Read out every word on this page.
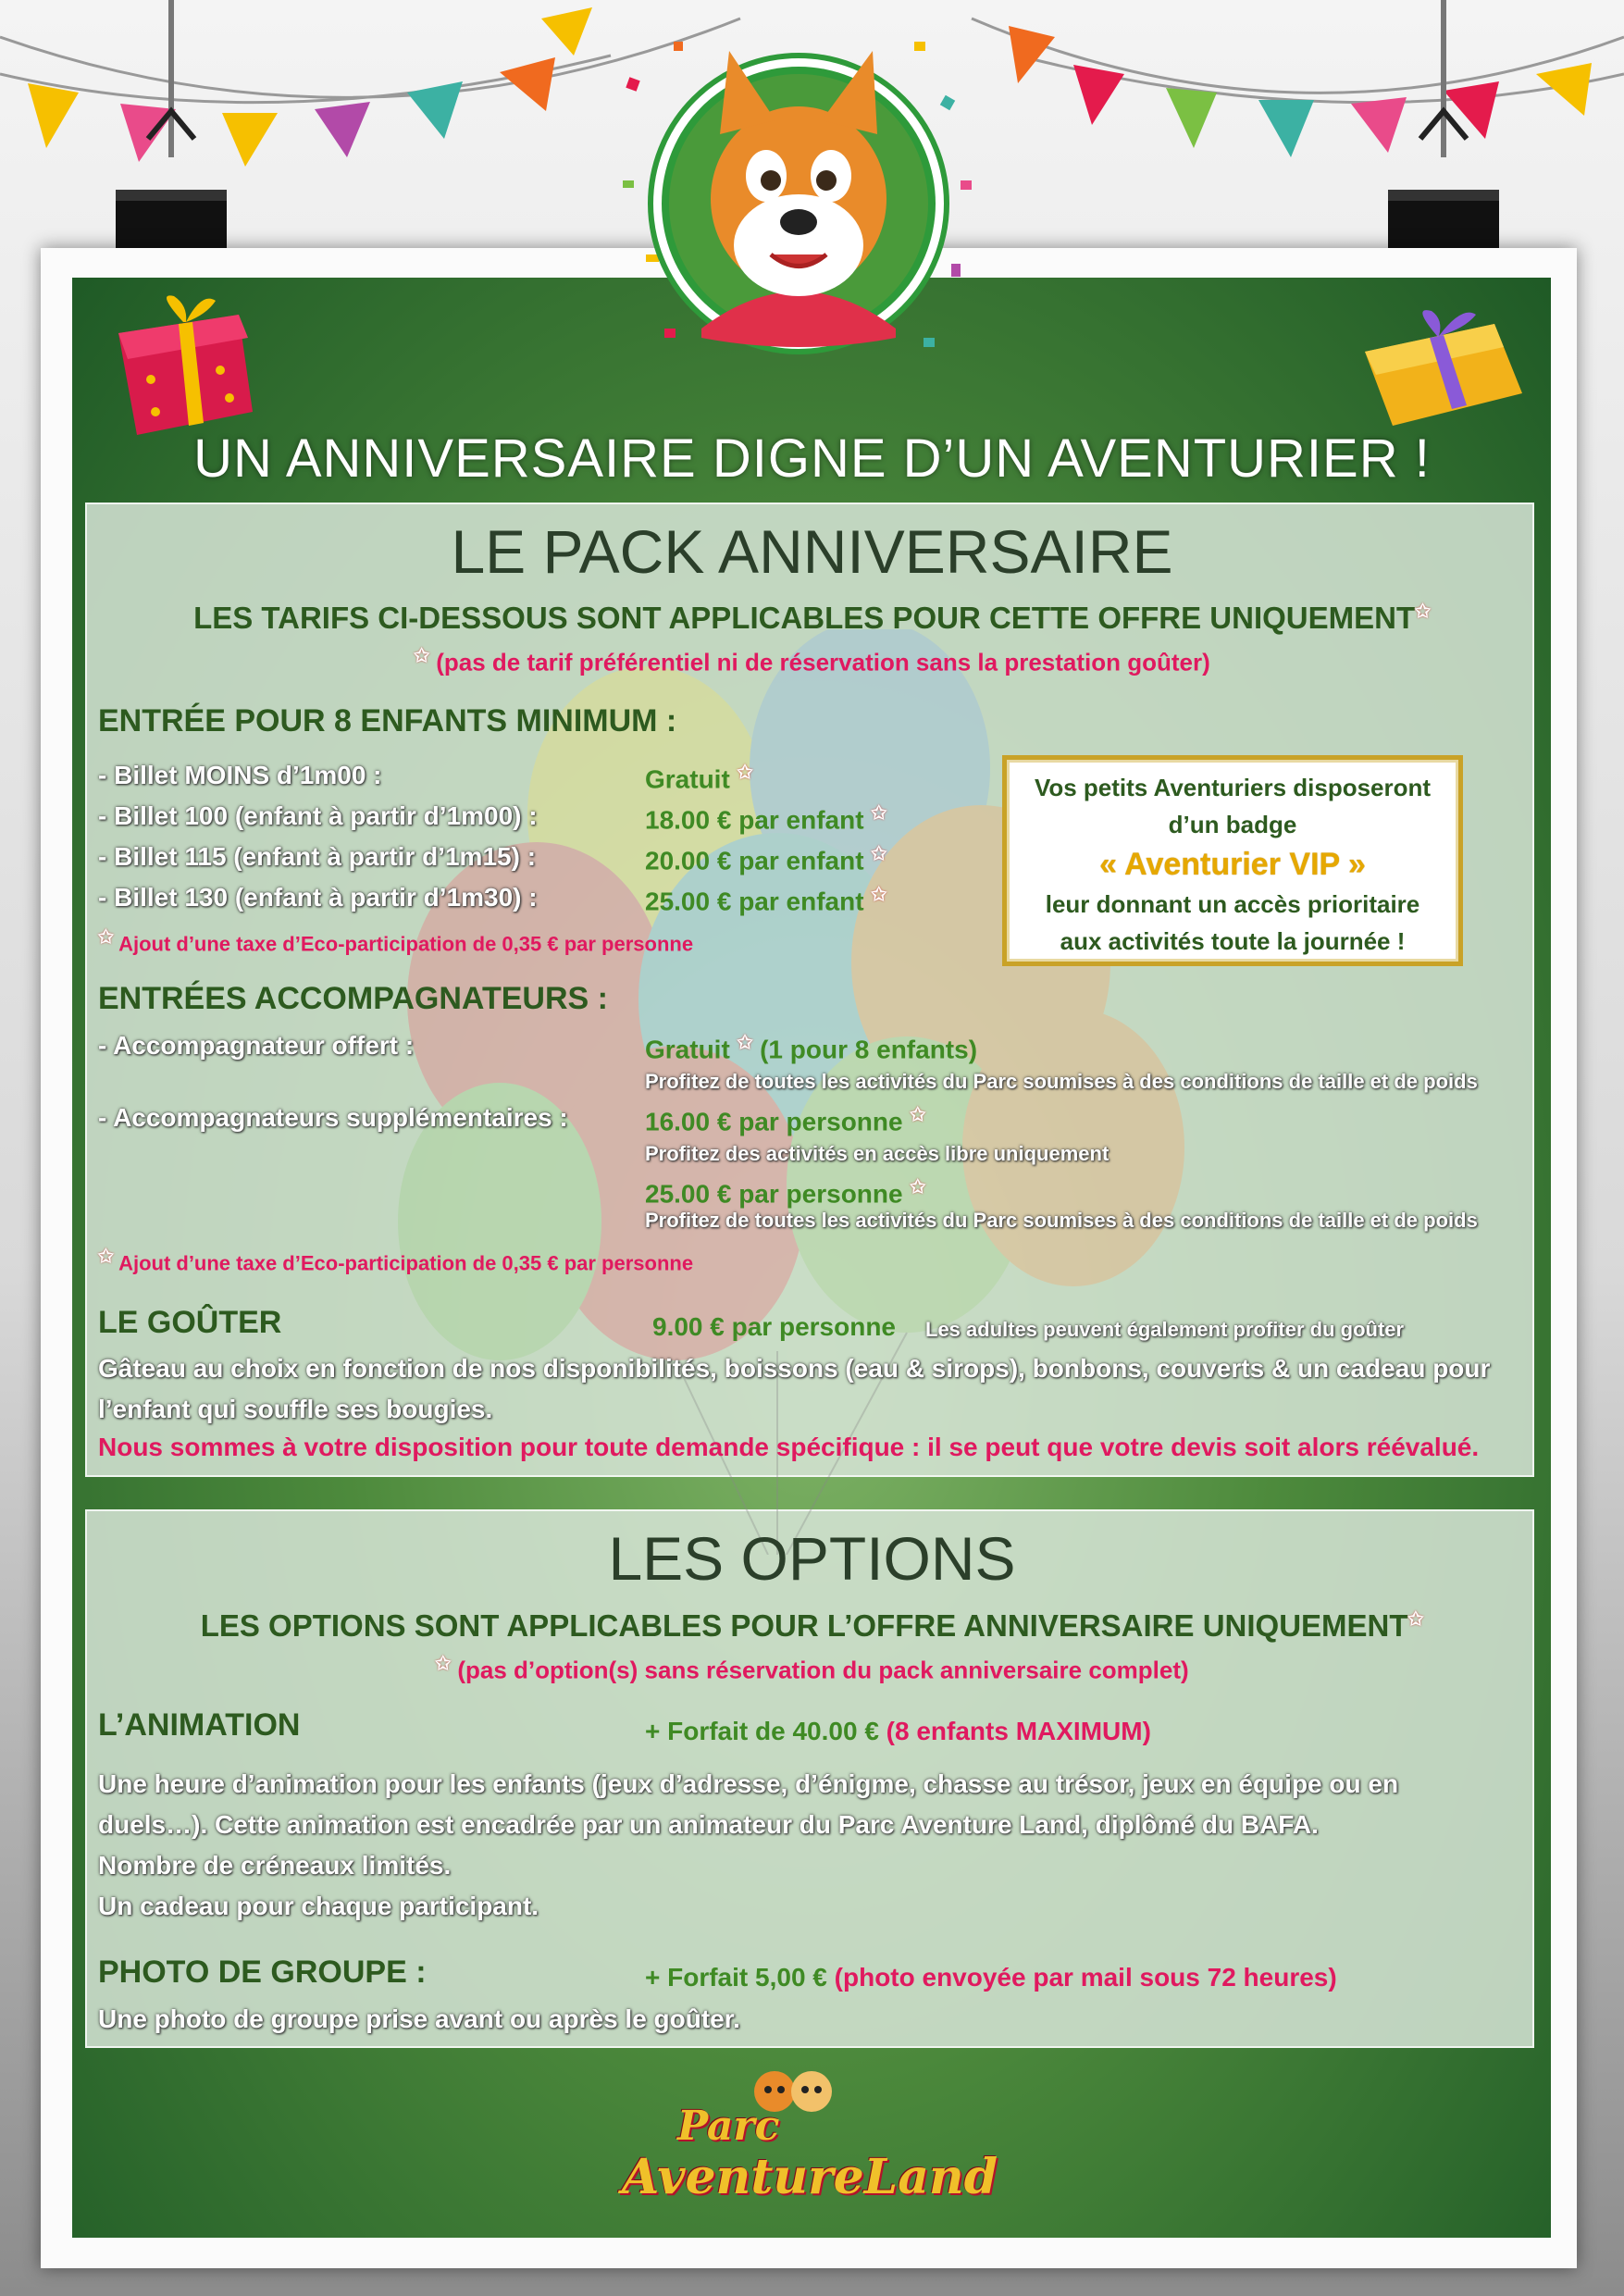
UN ANNIVERSAIRE DIGNE D’UN AVENTURIER !
LE PACK ANNIVERSAIRE
LES TARIFS CI-DESSOUS SONT APPLICABLES POUR CETTE OFFRE UNIQUEMENT✩
✩ (pas de tarif préférentiel ni de réservation sans la prestation goûter)
ENTRÉE POUR 8 ENFANTS MINIMUM :
- Billet MOINS d’1m00 :	Gratuit ✩
- Billet 100 (enfant à partir d’1m00) :	18.00 € par enfant ✩
- Billet 115 (enfant à partir d’1m15) :	20.00 € par enfant ✩
- Billet 130 (enfant à partir d’1m30) :	25.00 € par enfant ✩
✩ Ajout d’une taxe d’Eco-participation de 0,35 € par personne
Vos petits Aventuriers disposeront
d’un badge
« Aventurier VIP »
leur donnant un accès prioritaire
aux activités toute la journée !
ENTRÉES ACCOMPAGNATEURS :
- Accompagnateur offert :	Gratuit ✩ (1 pour 8 enfants)
Profitez de toutes les activités du Parc soumises à des conditions de taille et de poids
- Accompagnateurs supplémentaires :	16.00 € par personne ✩
Profitez des activités en accès libre uniquement
25.00 € par personne ✩
Profitez de toutes les activités du Parc soumises à des conditions de taille et de poids
✩ Ajout d’une taxe d’Eco-participation de 0,35 € par personne
LE GOÛTER	9.00 € par personne Les adultes peuvent également profiter du goûter
Gâteau au choix en fonction de nos disponibilités, boissons (eau & sirops), bonbons, couverts & un cadeau pour l’enfant qui souffle ses bougies.
Nous sommes à votre disposition pour toute demande spécifique : il se peut que votre devis soit alors réévalué.
LES OPTIONS
LES OPTIONS SONT APPLICABLES POUR L’OFFRE ANNIVERSAIRE UNIQUEMENT✩
✩ (pas d’option(s) sans réservation du pack anniversaire complet)
L’ANIMATION	+ Forfait de 40.00 € (8 enfants MAXIMUM)
Une heure d’animation pour les enfants (jeux d’adresse, d’énigme, chasse au trésor, jeux en équipe ou en
duels…). Cette animation est encadrée par un animateur du Parc Aventure Land, diplômé du BAFA.
Nombre de créneaux limités.
Un cadeau pour chaque participant.
PHOTO DE GROUPE :	+ Forfait 5,00 € (photo envoyée par mail sous 72 heures)
Une photo de groupe prise avant ou après le goûter.
Parc
AventureLand
